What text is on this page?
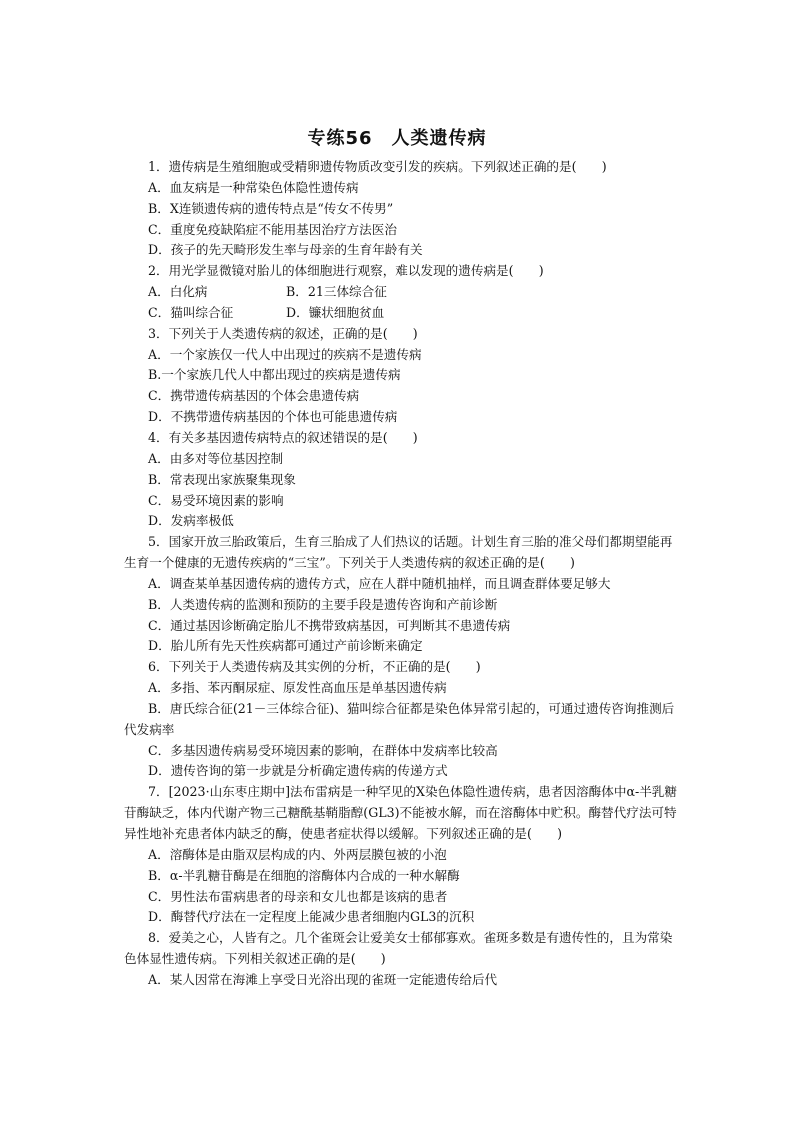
专练56　人类遗传病

1．遗传病是生殖细胞或受精卵遗传物质改变引发的疾病。下列叙述正确的是(　　)

A．血友病是一种常染色体隐性遗传病

B．X连锁遗传病的遗传特点是“传女不传男”

C．重度免疫缺陷症不能用基因治疗方法医治

D．孩子的先天畸形发生率与母亲的生育年龄有关

2．用光学显微镜对胎儿的体细胞进行观察，难以发现的遗传病是(　　)

A．白化病	B．21三体综合征
C．猫叫综合征	D．镰状细胞贫血

3．下列关于人类遗传病的叙述，正确的是(　　)

A．一个家族仅一代人中出现过的疾病不是遗传病

B.一个家族几代人中都出现过的疾病是遗传病

C．携带遗传病基因的个体会患遗传病

D．不携带遗传病基因的个体也可能患遗传病

4．有关多基因遗传病特点的叙述错误的是(　　)

A．由多对等位基因控制

B．常表现出家族聚集现象

C．易受环境因素的影响

D．发病率极低

5．国家开放三胎政策后，生育三胎成了人们热议的话题。计划生育三胎的准父母们都期望能再生育一个健康的无遗传疾病的“三宝”。下列关于人类遗传病的叙述正确的是(　　)

A．调查某单基因遗传病的遗传方式，应在人群中随机抽样，而且调查群体要足够大

B．人类遗传病的监测和预防的主要手段是遗传咨询和产前诊断

C．通过基因诊断确定胎儿不携带致病基因，可判断其不患遗传病

D．胎儿所有先天性疾病都可通过产前诊断来确定

6．下列关于人类遗传病及其实例的分析，不正确的是(　　)

A．多指、苯丙酮尿症、原发性高血压是单基因遗传病

B．唐氏综合征(21－三体综合征)、猫叫综合征都是染色体异常引起的，可通过遗传咨询推测后代发病率

C．多基因遗传病易受环境因素的影响，在群体中发病率比较高

D．遗传咨询的第一步就是分析确定遗传病的传递方式

7．[2023·山东枣庄期中]法布雷病是一种罕见的X染色体隐性遗传病，患者因溶酶体中α-半乳糖苷酶缺乏，体内代谢产物三己糖酰基鞘脂醇(GL3)不能被水解，而在溶酶体中贮积。酶替代疗法可特异性地补充患者体内缺乏的酶，使患者症状得以缓解。下列叙述正确的是(　　)

A．溶酶体是由脂双层构成的内、外两层膜包被的小泡

B．α-半乳糖苷酶是在细胞的溶酶体内合成的一种水解酶

C．男性法布雷病患者的母亲和女儿也都是该病的患者

D．酶替代疗法在一定程度上能减少患者细胞内GL3的沉积

8．爱美之心，人皆有之。几个雀斑会让爱美女士郁郁寡欢。雀斑多数是有遗传性的，且为常染色体显性遗传病。下列相关叙述正确的是(　　)

A．某人因常在海滩上享受日光浴出现的雀斑一定能遗传给后代
